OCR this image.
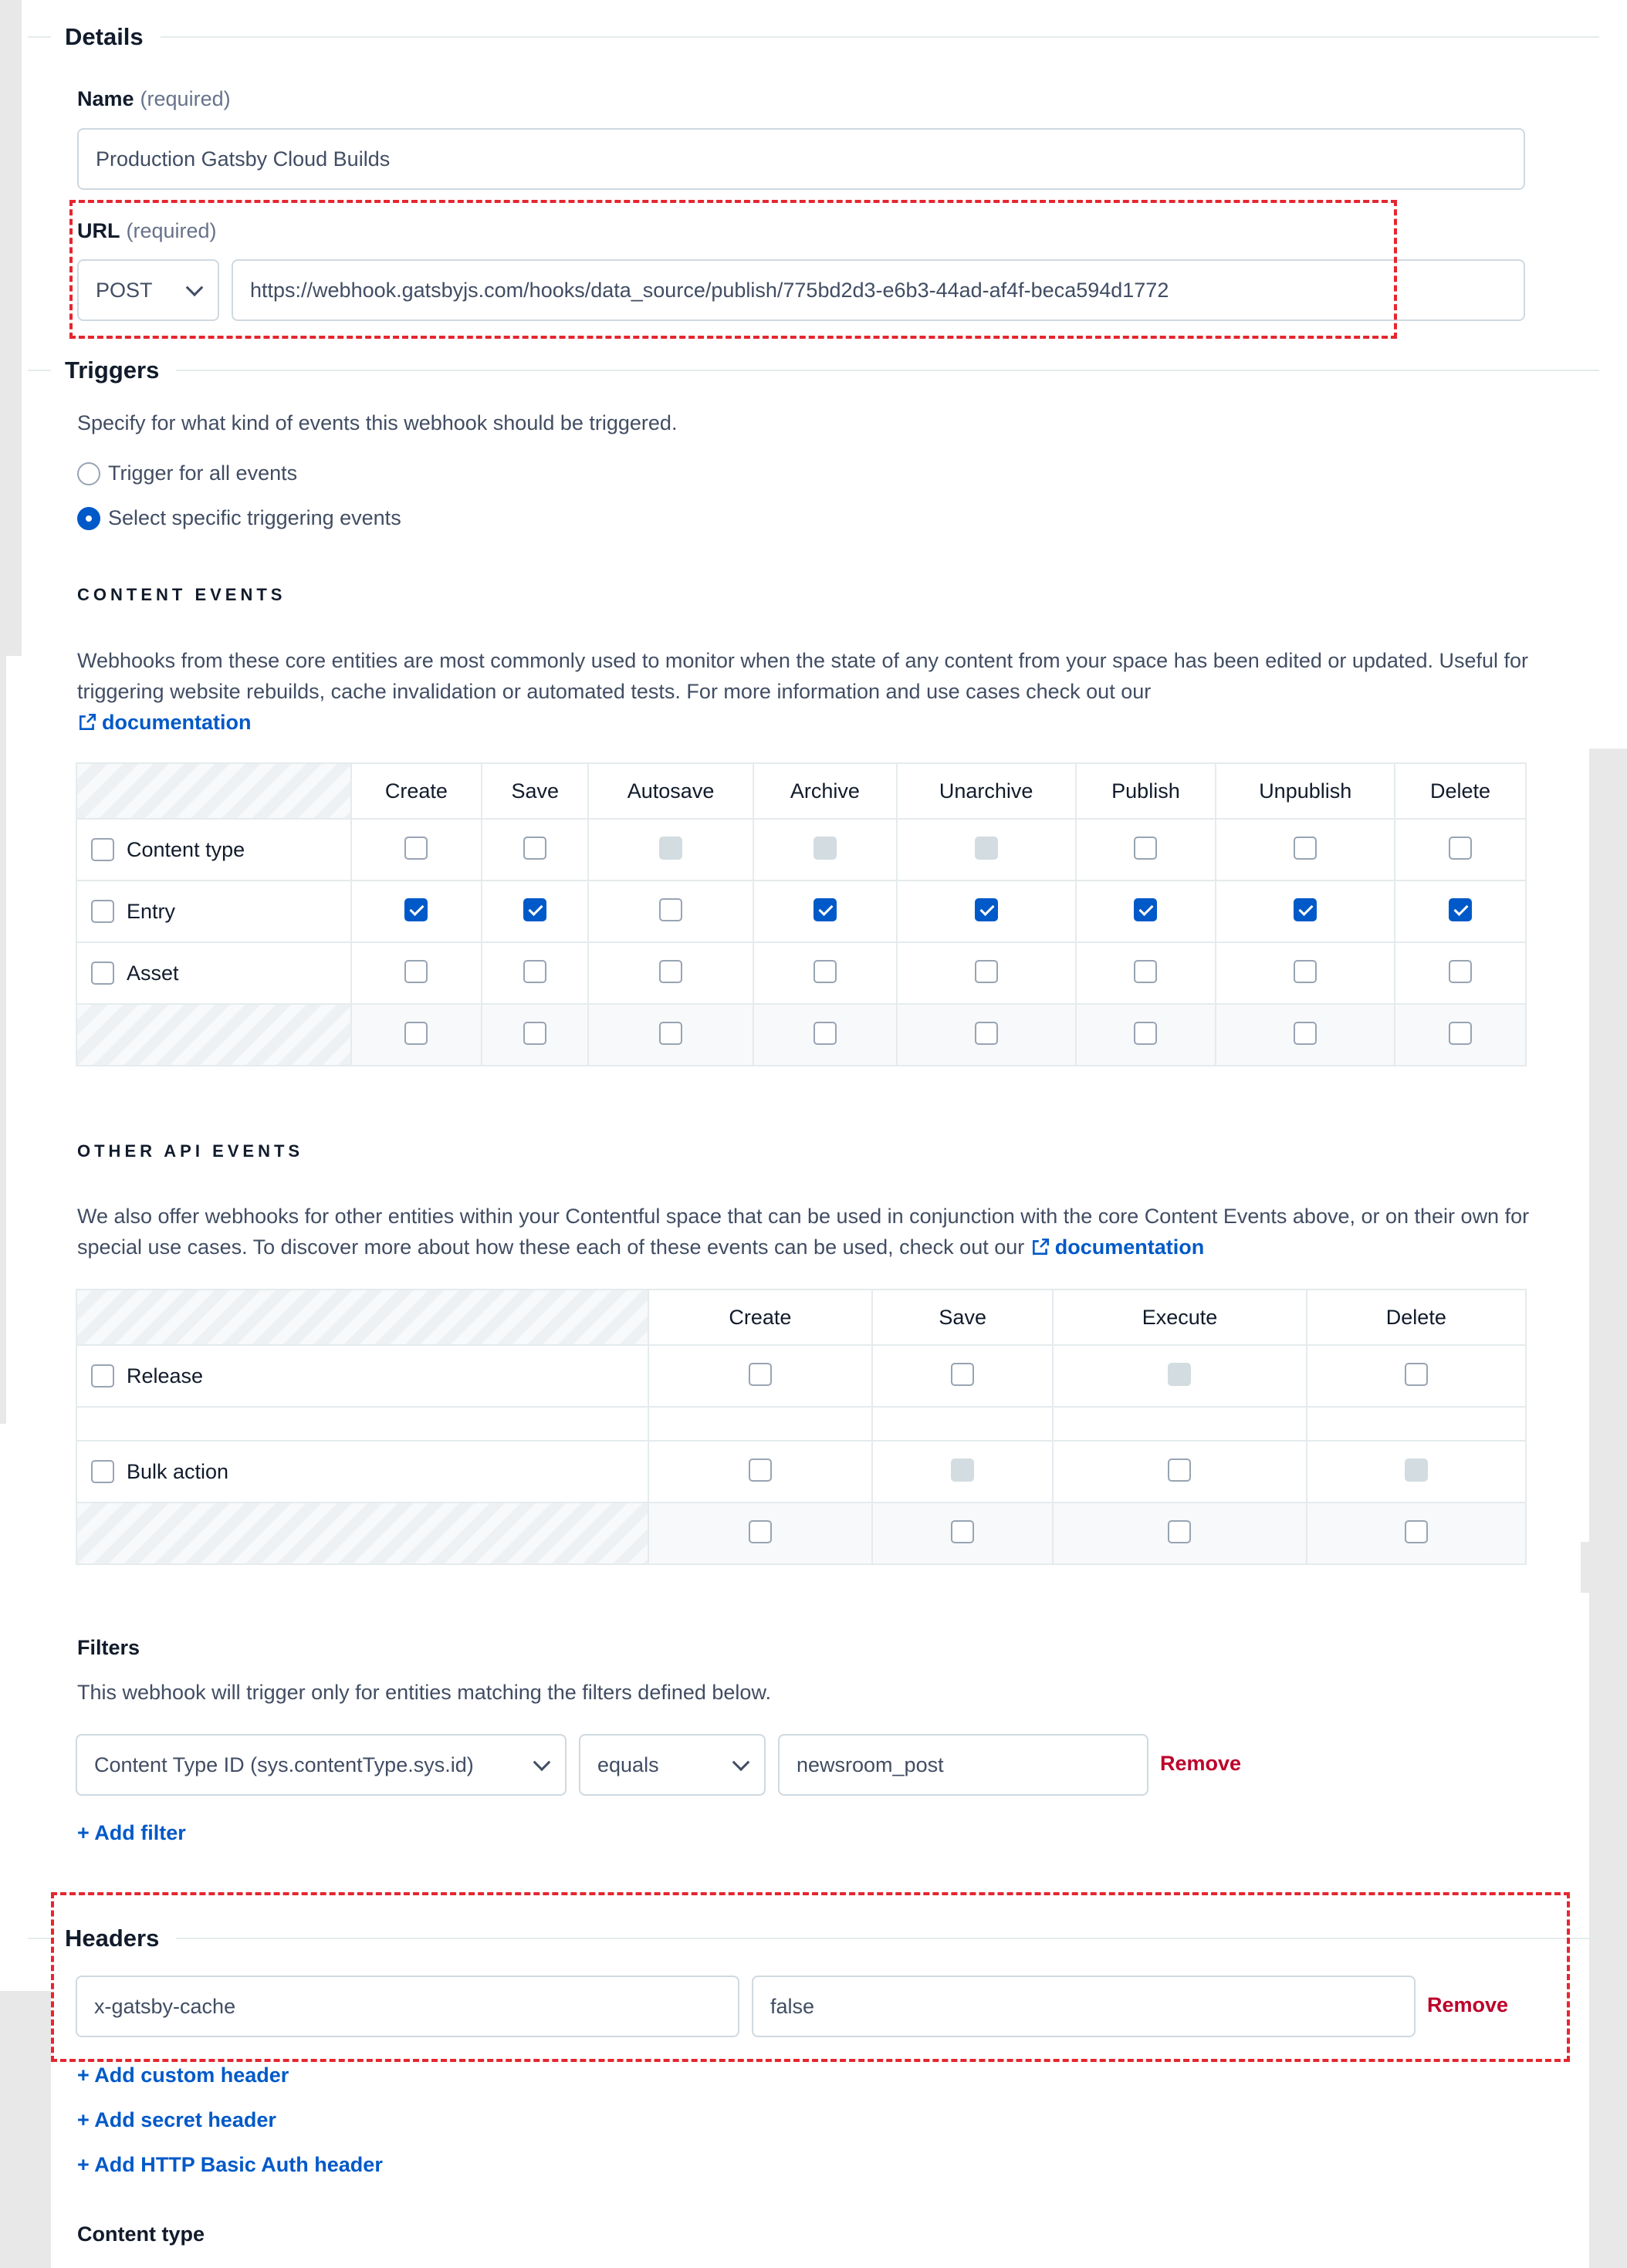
Details
Name (required)
Production Gatsby Cloud Builds
URL (required)
POST	https://webhook.gatsbyjs.com/hooks/data_source/publish/775bd2d3-e6b3-44ad-af4f-beca594d1772
Triggers
Specify for what kind of events this webhook should be triggered.
Trigger for all events
Select specific triggering events
CONTENT EVENTS
Webhooks from these core entities are most commonly used to monitor when the state of any content from your space has been edited or updated. Useful for triggering website rebuilds, cache invalidation or automated tests. For more information and use cases check out our
documentation
	Create	Save	Autosave	Archive	Unarchive	Publish	Unpublish	Delete
Content type								
Entry								
Asset								

OTHER API EVENTS
We also offer webhooks for other entities within your Contentful space that can be used in conjunction with the core Content Events above, or on their own for special use cases. To discover more about how these each of these events can be used, check out our documentation
	Create	Save	Execute	Delete
Release				

Bulk action				

Filters
This webhook will trigger only for entities matching the filters defined below.
Content Type ID (sys.contentType.sys.id)	equals	newsroom_post	Remove
+ Add filter
Headers
x-gatsby-cache	false	Remove
+ Add custom header
+ Add secret header
+ Add HTTP Basic Auth header
Content type
